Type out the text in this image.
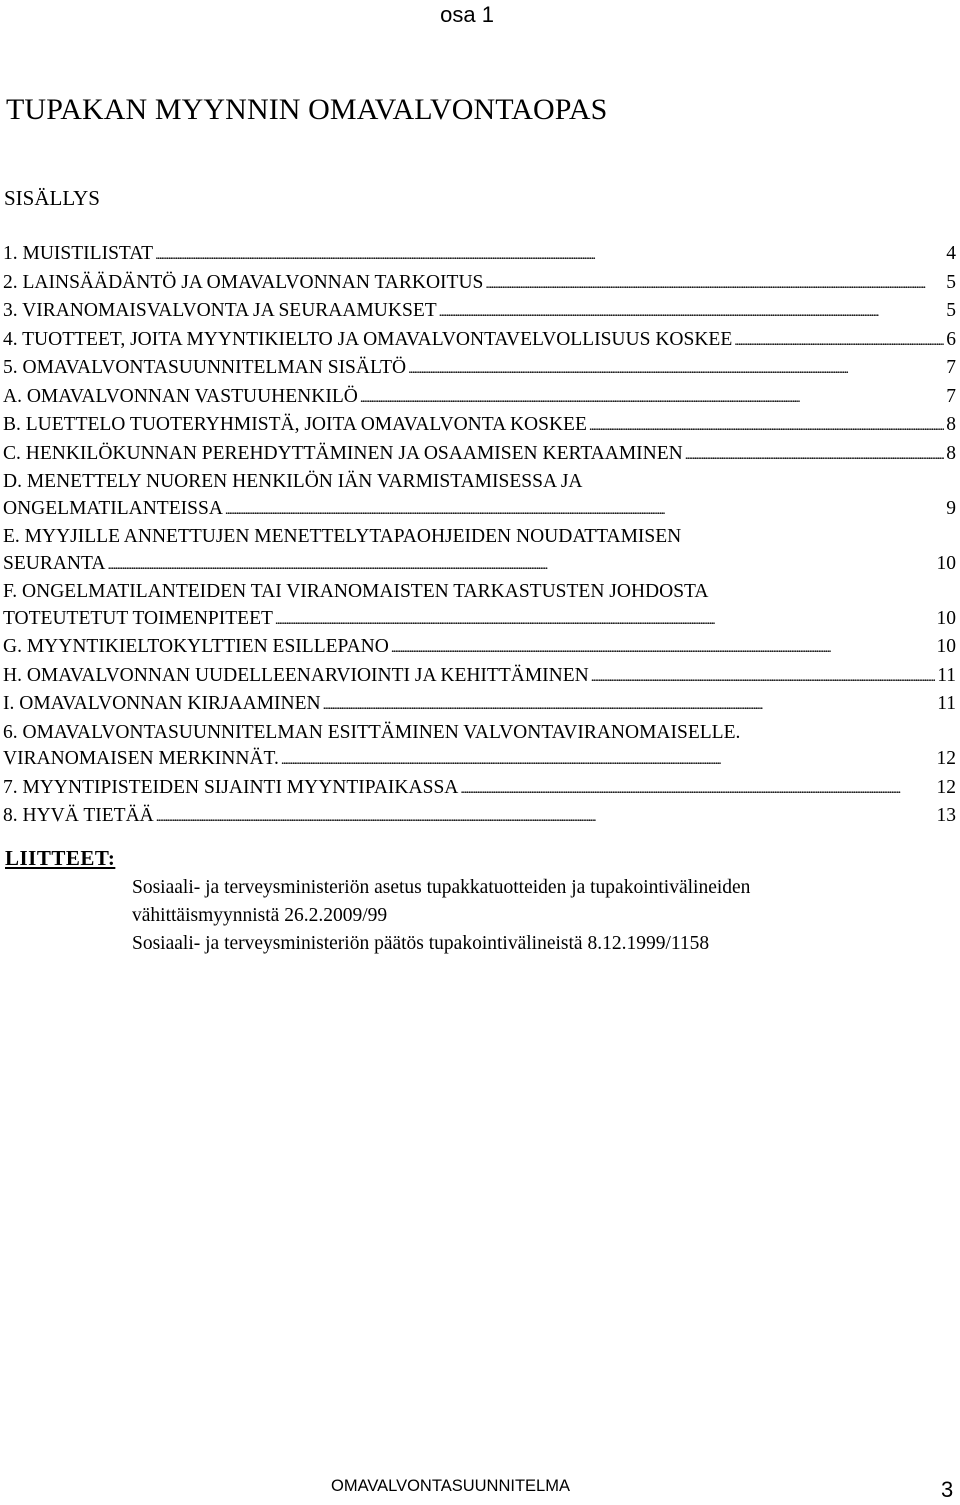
osa 1
TUPAKAN MYYNNIN OMAVALVONTAOPAS
SISÄLLYS
1. MUISTILISTAT . . .	4
2. LAINSÄÄDÄNTÖ JA OMAVALVONNAN TARKOITUS . . .	5
3. VIRANOMAISVALVONTA JA SEURAAMUKSET . . .	5
4. TUOTTEET, JOITA MYYNTIKIELTO JA OMAVALVONTAVELVOLLISUUS KOSKEE . . .	6
5. OMAVALVONTASUUNNITELMAN SISÄLTÖ . . .	7
A. OMAVALVONNAN VASTUUHENKILÖ . . .	7
B. LUETTELO TUOTERYHMISTÄ, JOITA OMAVALVONTA KOSKEE . . .	8
C. HENKILÖKUNNAN PEREHDYTTÄMINEN JA OSAAMISEN KERTAAMINEN . . .	8
D. MENETTELY NUOREN HENKILÖN IÄN VARMISTAMISESSA JA
ONGELMATILANTEISSA . . .	9
E. MYYJILLE ANNETTUJEN MENETTELYTAPAOHJEIDEN NOUDATTAMISEN
SEURANTA . . .	10
F. ONGELMATILANTEIDEN TAI VIRANOMAISTEN TARKASTUSTEN JOHDOSTA
TOTEUTETUT TOIMENPITEET . . .	10
G. MYYNTIKIELTOKYLTTIEN ESILLEPANO . . .	10
H. OMAVALVONNAN UUDELLEENARVIOINTI JA KEHITTÄMINEN . . .	11
I. OMAVALVONNAN KIRJAAMINEN . . .	11
6. OMAVALVONTASUUNNITELMAN ESITTÄMINEN VALVONTAVIRANOMAISELLE.
VIRANOMAISEN MERKINNÄT. . . .	12
7. MYYNTIPISTEIDEN SIJAINTI MYYNTIPAIKASSA . . .	12
8. HYVÄ TIETÄÄ . . .	13
LIITTEET:
Sosiaali- ja terveysministeriön asetus tupakkatuotteiden ja tupakointivälineiden
vähittäismyynnistä 26.2.2009/99
Sosiaali- ja terveysministeriön päätös tupakointivälineistä 8.12.1999/1158
OMAVALVONTASUUNNITELMA	3
